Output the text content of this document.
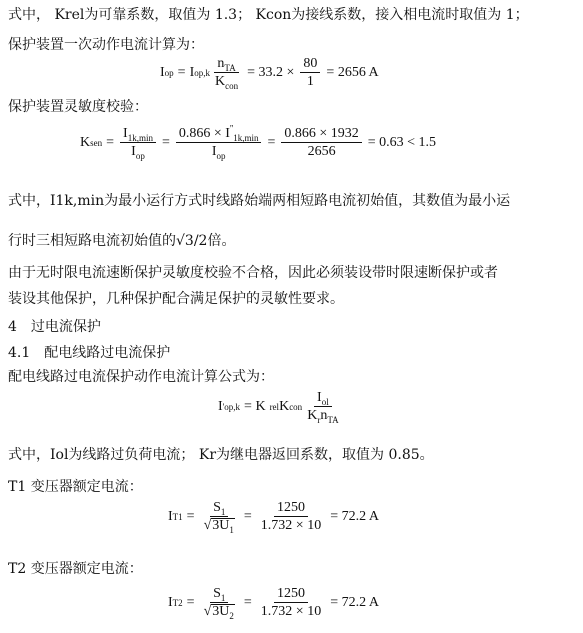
式中， Krel为可靠系数，取值为 1.3； Kcon为接线系数，接入相电流时取值为 1；
保护装置一次动作电流计算为：
I op = I $op,k \frac{n_{TA}}{K_{con}} = 33.2 \times \frac{80}{1} = 2656$ A
保护装置灵敏度校验：
K sen = $\frac{I_{1k,min}}{I_{op}} = \frac{0.866 \times I''_{1k,min}}{I_{op}} = \frac{0.866 \times 1932}{2656} = 0.63 < 1.5$
式中，I1k,min为最小运行方式时线路始端两相短路电流初始值，其数值为最小运
行时三相短路电流初始值的√3/2倍。
由于无时限电流速断保护灵敏度校验不合格，因此必须装设带时限速断保护或者
装设其他保护，几种保护配合满足保护的灵敏性要求。
4　过电流保护
4.1　配电线路过电流保护
配电线路过电流保护动作电流计算公式为：
I ' op,k = K rel K con $\frac{I_{ol}}{K_rn_{TA}}$
式中，Iol为线路过负荷电流； Kr为继电器返回系数，取值为 0.85。
T1 变压器额定电流：
I $T1 = \frac{S_1}{√ 3U_1} = \frac{1250}{1.732 \times 10} = 72.2$ A
T2 变压器额定电流：
I $T2 = \frac{S_1}{√ 3U_2} = \frac{1250}{1.732 \times 10} = 72.2$ A
